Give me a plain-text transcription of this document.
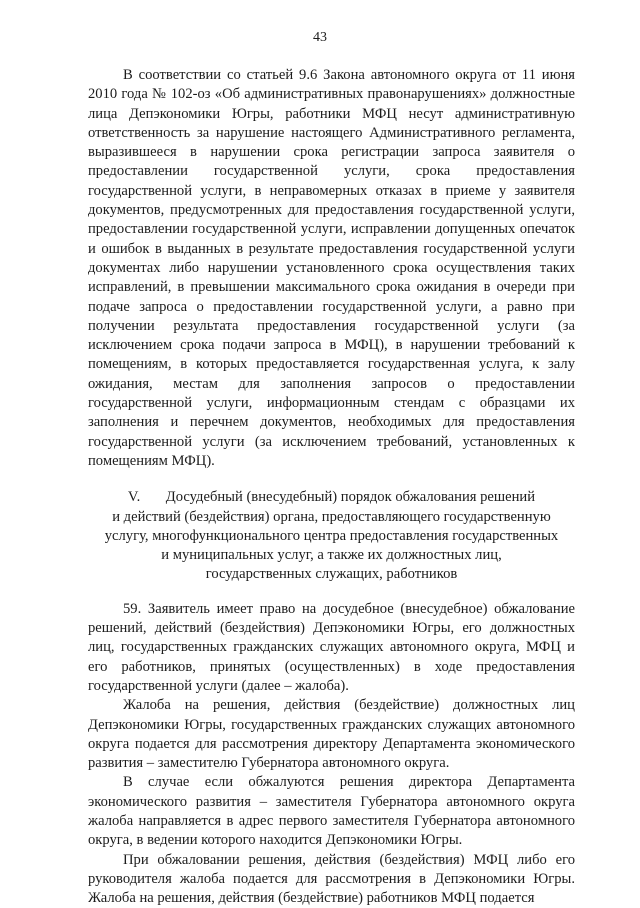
43

В соответствии со статьей 9.6 Закона автономного округа от 11 июня 2010 года № 102-оз «Об административных правонарушениях» должностные лица Депэкономики Югры, работники МФЦ несут административную ответственность за нарушение настоящего Административного регламента, выразившееся в нарушении срока регистрации запроса заявителя о предоставлении государственной услуги, срока предоставления государственной услуги, в неправомерных отказах в приеме у заявителя документов, предусмотренных для предоставления государственной услуги, предоставлении государственной услуги, исправлении допущенных опечаток и ошибок в выданных в результате предоставления государственной услуги документах либо нарушении установленного срока осуществления таких исправлений, в превышении максимального срока ожидания в очереди при подаче запроса о предоставлении государственной услуги, а равно при получении результата предоставления государственной услуги (за исключением срока подачи запроса в МФЦ), в нарушении требований к помещениям, в которых предоставляется государственная услуга, к залу ожидания, местам для заполнения запросов о предоставлении государственной услуги, информационным стендам с образцами их заполнения и перечнем документов, необходимых для предоставления государственной услуги (за исключением требований, установленных к помещениям МФЦ).

V.       Досудебный (внесудебный) порядок обжалования решений
и действий (бездействия) органа, предоставляющего государственную
услугу, многофункционального центра предоставления государственных
и муниципальных услуг, а также их должностных лиц,
государственных служащих, работников

59. Заявитель имеет право на досудебное (внесудебное) обжалование решений, действий (бездействия) Депэкономики Югры, его должностных лиц, государственных гражданских служащих автономного округа, МФЦ и его работников, принятых (осуществленных) в ходе предоставления государственной услуги (далее – жалоба).

Жалоба на решения, действия (бездействие) должностных лиц Депэкономики Югры, государственных гражданских служащих автономного округа подается для рассмотрения директору Департамента экономического развития – заместителю Губернатора автономного округа.

В случае если обжалуются решения директора Департамента экономического развития – заместителя Губернатора автономного округа жалоба направляется в адрес первого заместителя Губернатора автономного округа, в ведении которого находится Депэкономики Югры.

При обжаловании решения, действия (бездействия) МФЦ либо его руководителя жалоба подается для рассмотрения в Депэкономики Югры. Жалоба на решения, действия (бездействие) работников МФЦ подается
